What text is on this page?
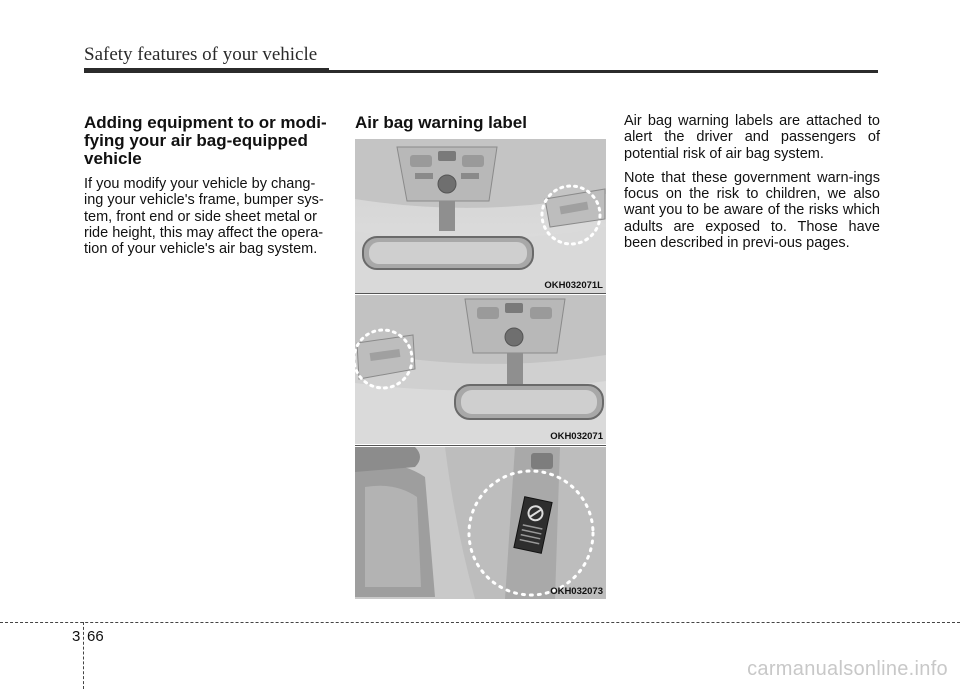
Safety features of your vehicle

Adding equipment to or modi-
fying your air bag-equipped
vehicle

If you modify your vehicle by chang-
ing your vehicle's frame, bumper sys-
tem, front end or side sheet metal or
ride height, this may affect the opera-
tion of your vehicle's air bag system.

Air bag warning label
OKH032071L
OKH032071
OKH032073

Air bag warning labels are attached to alert the driver and passengers of potential risk of air bag system.

Note that these government warn-ings focus on the risk to children, we also want you to be aware of the risks which adults are exposed to. Those have been described in previ-ous pages.

3 66
carmanualsonline.info
